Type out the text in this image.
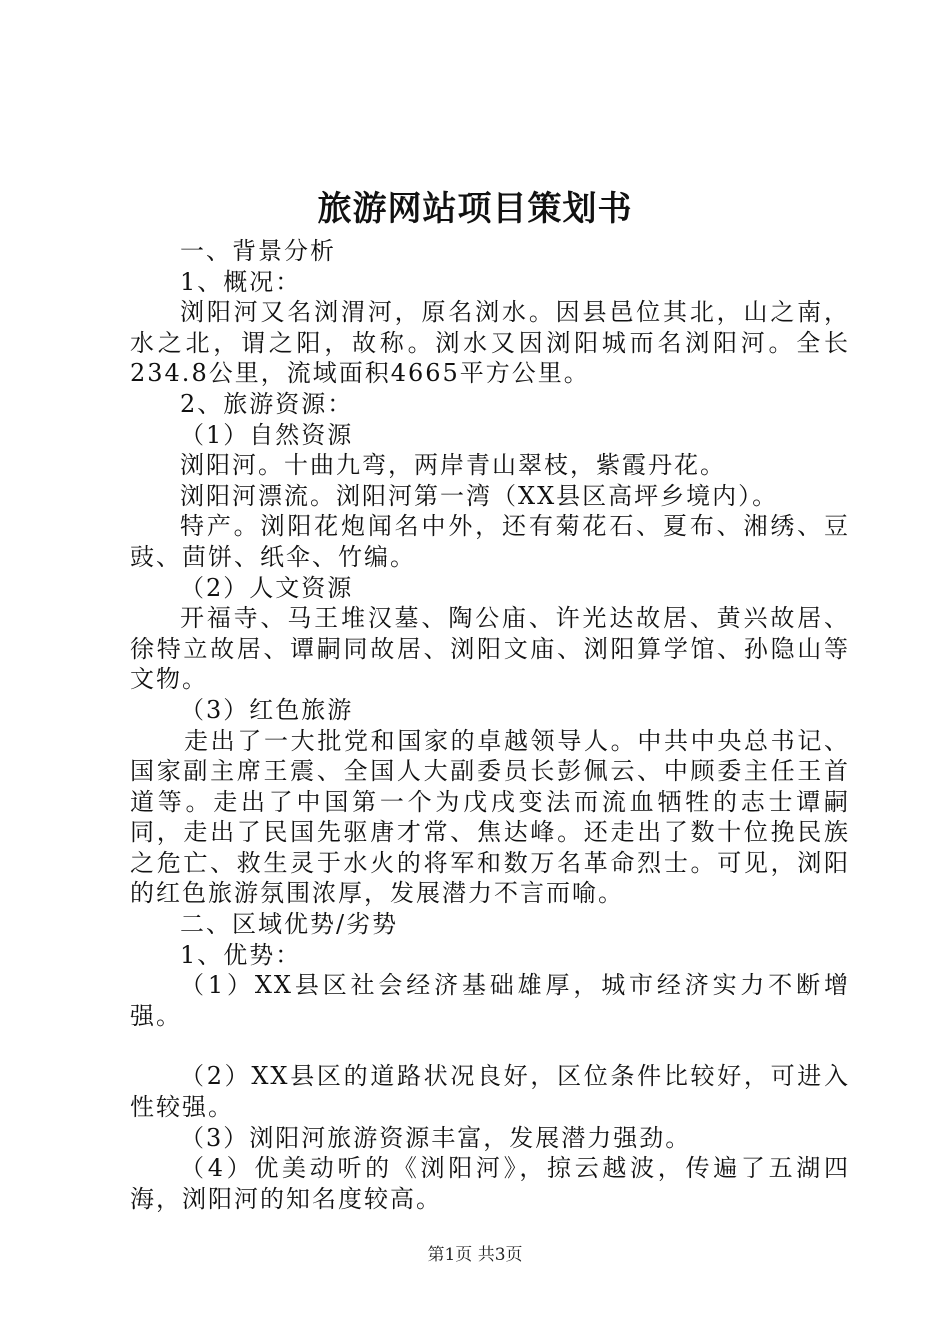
旅游网站项目策划书

一、背景分析

1、概况：

浏阳河又名浏渭河，原名浏水。因县邑位其北，山之南，水之北，谓之阳，故称。浏水又因浏阳城而名浏阳河。全长234.8公里，流域面积4665平方公里。

2、旅游资源：

（1）自然资源

浏阳河。十曲九弯，两岸青山翠枝，紫霞丹花。

浏阳河漂流。浏阳河第一湾（XX县区高坪乡境内）。

特产。浏阳花炮闻名中外，还有菊花石、夏布、湘绣、豆豉、茴饼、纸伞、竹编。

（2）人文资源

开福寺、马王堆汉墓、陶公庙、许光达故居、黄兴故居、徐特立故居、谭嗣同故居、浏阳文庙、浏阳算学馆、孙隐山等文物。

（3）红色旅游

走出了一大批党和国家的卓越领导人。中共中央总书记、国家副主席王震、全国人大副委员长彭佩云、中顾委主任王首道等。走出了中国第一个为戊戌变法而流血牺牲的志士谭嗣同，走出了民国先驱唐才常、焦达峰。还走出了数十位挽民族之危亡、救生灵于水火的将军和数万名革命烈士。可见，浏阳的红色旅游氛围浓厚，发展潜力不言而喻。

二、区域优势/劣势

1、优势：

（1）XX县区社会经济基础雄厚，城市经济实力不断增强。

（2）XX县区的道路状况良好，区位条件比较好，可进入性较强。

（3）浏阳河旅游资源丰富，发展潜力强劲。

（4）优美动听的《浏阳河》，掠云越波，传遍了五湖四海，浏阳河的知名度较高。

第1页 共3页
